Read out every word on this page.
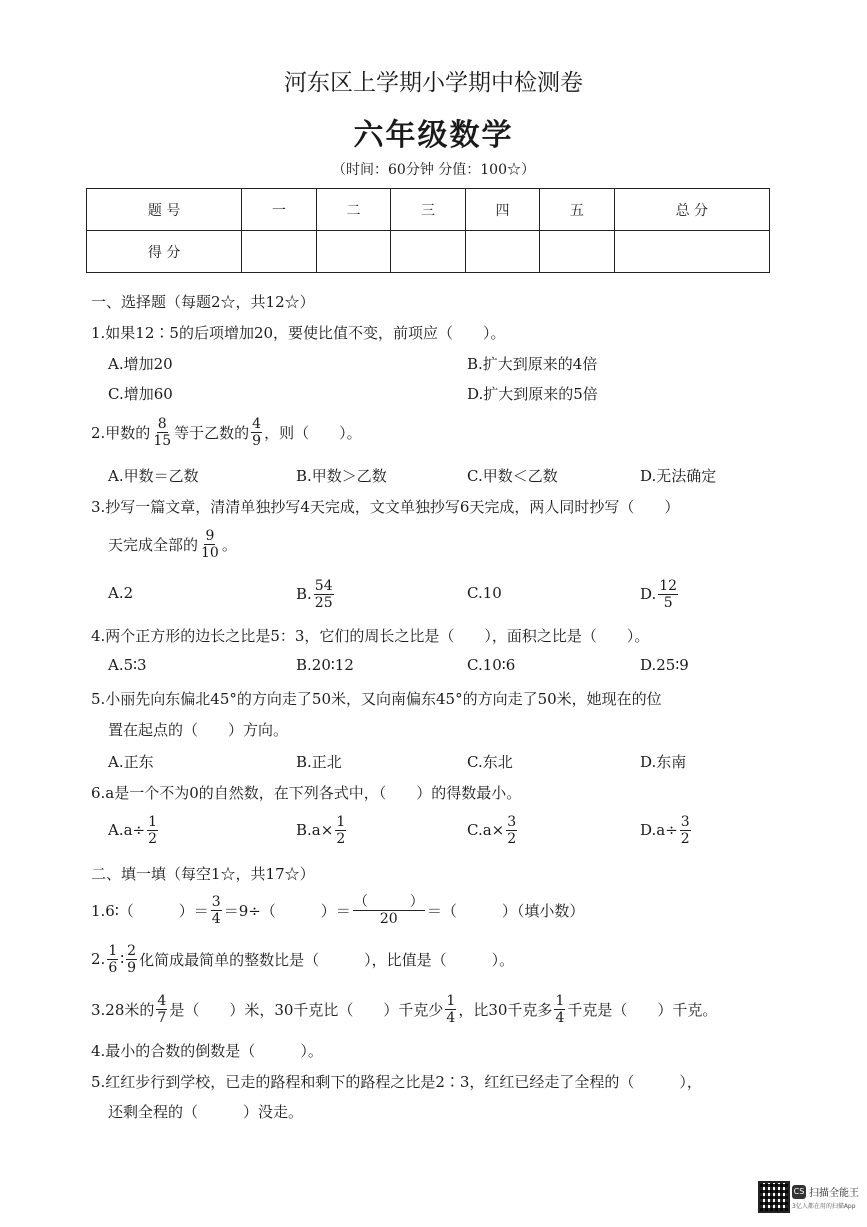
河东区上学期小学期中检测卷
六年级数学
（时间：60分钟 分值：100☆）
题 号	一	二	三	四	五	总 分
得 分						
一、选择题（每题2☆，共12☆）
1.如果12∶5的后项增加20，要使比值不变，前项应（　　）。
A.增加20	B.扩大到原来的4倍
C.增加60	D.扩大到原来的5倍
2.甲数的 $\frac{8}{15}$ 等于乙数的 $\frac{4}{9}$ ，则（　　）。
A.甲数＝乙数	B.甲数＞乙数	C.甲数＜乙数	D.无法确定
3.抄写一篇文章，清清单独抄写4天完成，文文单独抄写6天完成，两人同时抄写（　　）
天完成全部的 $\frac{9}{10}$ 。
A.2	B. $\frac{54}{25}$	C.10	D. $\frac{12}{5}$
4.两个正方形的边长之比是5：3，它们的周长之比是（　　），面积之比是（　　）。
A.5∶3	B.20∶12	C.10∶6	D.25∶9
5.小丽先向东偏北45°的方向走了50米，又向南偏东45°的方向走了50米，她现在的位
置在起点的（　　）方向。
A.正东	B.正北	C.东北	D.东南
6.a是一个不为0的自然数，在下列各式中，（　　）的得数最小。
$A.a\div \frac{1}{2}$	$B.a\times \frac{1}{2}$	$C.a\times \frac{3}{2}$	$D.a\div \frac{3}{2}$
二、填一填（每空1☆，共17☆）
1.6∶（　　　）＝ $\frac{3}{4} =9\div$（　　　）＝ $\frac{( )}{20}$ ＝（　　　）（填小数）
2. $\frac{1}{6}$ ∶ $\frac{2}{9}$ 化简成最简单的整数比是（　　　），比值是（　　　）。
3.28米的 $\frac{4}{7}$ 是（　　）米，30千克比（　　）千克少 $\frac{1}{4}$ ，比30千克多 $\frac{1}{4}$ 千克是（　　）千克。
4.最小的合数的倒数是（　　　）。
5.红红步行到学校，已走的路程和剩下的路程之比是2∶3，红红已经走了全程的（　　　），
还剩全程的（　　　）没走。
CS 扫描全能王
3亿人都在用的扫描App
